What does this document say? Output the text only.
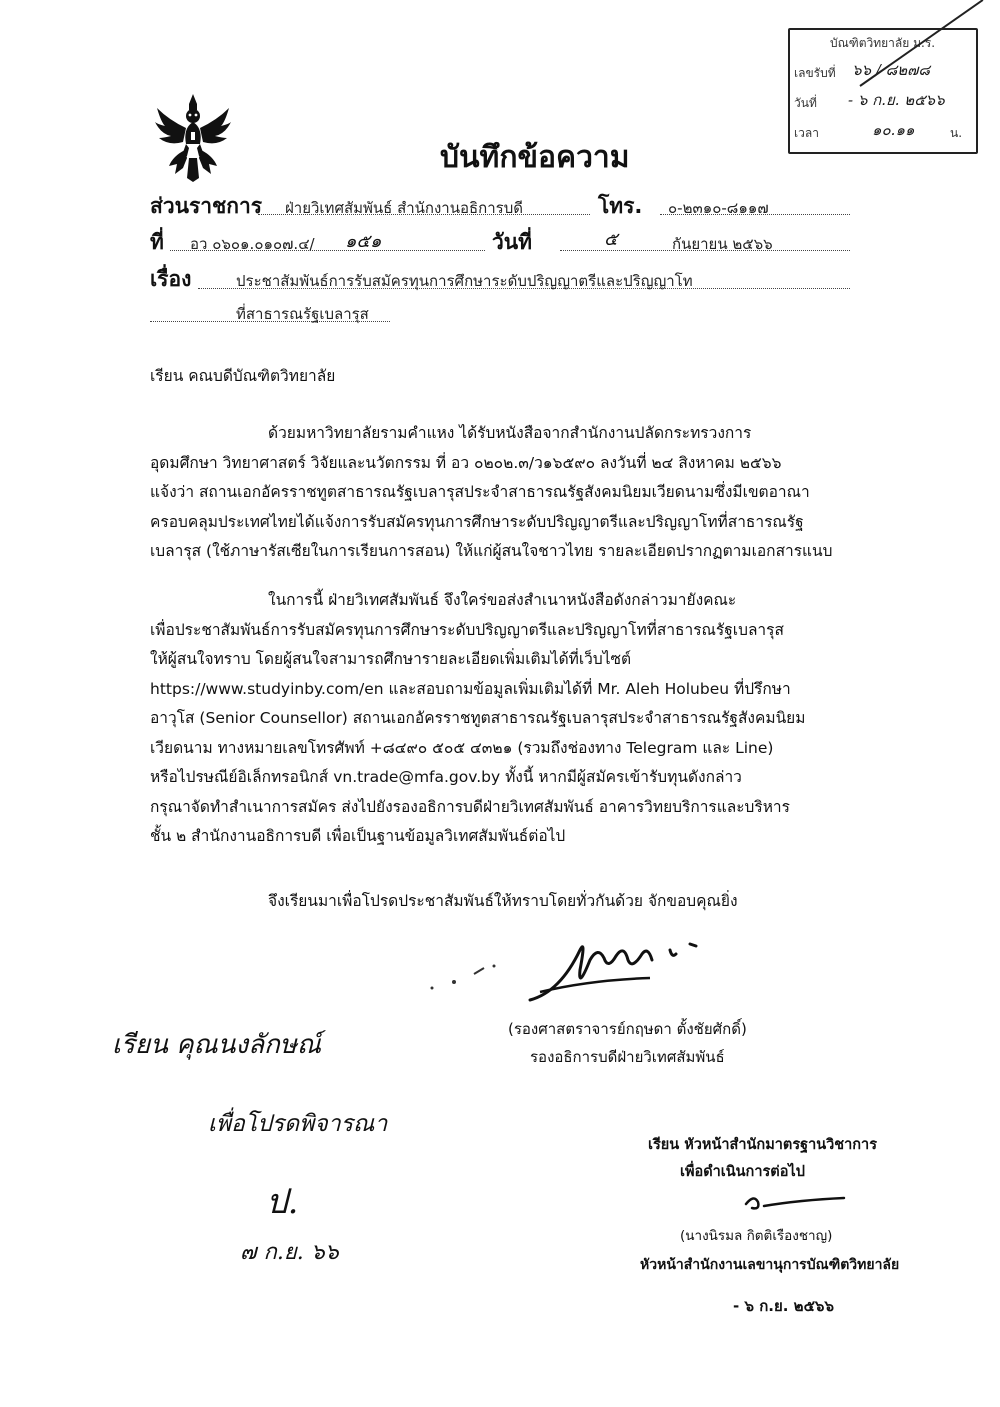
บัณฑิตวิทยาลัย ม.ร.
เลขรับที่ ๖๖ / ๘๒๗๘
วันที่ - ๖ ก.ย. ๒๕๖๖
เวลา	๑๐.๑๑	น.
บันทึกข้อความ
ส่วนราชการ ฝ่ายวิเทศสัมพันธ์ สำนักงานอธิการบดี	โทร. ๐-๒๓๑๐-๘๑๑๗
ที่ อว ๐๖๐๑.๐๑๐๗.๔/ ๑๕๑	วันที่	๕	กันยายน ๒๕๖๖
เรื่อง	ประชาสัมพันธ์การรับสมัครทุนการศึกษาระดับปริญญาตรีและปริญญาโท
ที่สาธารณรัฐเบลารุส
เรียน คณบดีบัณฑิตวิทยาลัย
ด้วยมหาวิทยาลัยรามคำแหง ได้รับหนังสือจากสำนักงานปลัดกระทรวงการ
อุดมศึกษา วิทยาศาสตร์ วิจัยและนวัตกรรม ที่ อว ๐๒๐๒.๓/ว๑๖๕๙๐ ลงวันที่ ๒๔ สิงหาคม ๒๕๖๖
แจ้งว่า สถานเอกอัครราชทูตสาธารณรัฐเบลารุสประจำสาธารณรัฐสังคมนิยมเวียดนามซึ่งมีเขตอาณา
ครอบคลุมประเทศไทยได้แจ้งการรับสมัครทุนการศึกษาระดับปริญญาตรีและปริญญาโทที่สาธารณรัฐ
เบลารุส (ใช้ภาษารัสเซียในการเรียนการสอน) ให้แก่ผู้สนใจชาวไทย รายละเอียดปรากฏตามเอกสารแนบ
ในการนี้ ฝ่ายวิเทศสัมพันธ์ จึงใคร่ขอส่งสำเนาหนังสือดังกล่าวมายังคณะ
เพื่อประชาสัมพันธ์การรับสมัครทุนการศึกษาระดับปริญญาตรีและปริญญาโทที่สาธารณรัฐเบลารุส
ให้ผู้สนใจทราบ โดยผู้สนใจสามารถศึกษารายละเอียดเพิ่มเติมได้ที่เว็บไซต์
https://www.studyinby.com/en และสอบถามข้อมูลเพิ่มเติมได้ที่ Mr. Aleh Holubeu ที่ปรึกษา
อาวุโส (Senior Counsellor) สถานเอกอัครราชทูตสาธารณรัฐเบลารุสประจำสาธารณรัฐสังคมนิยม
เวียดนาม ทางหมายเลขโทรศัพท์ +๘๔๙๐ ๕๐๕ ๔๓๒๑ (รวมถึงช่องทาง Telegram และ Line)
หรือไปรษณีย์อิเล็กทรอนิกส์ vn.trade@mfa.gov.by ทั้งนี้ หากมีผู้สมัครเข้ารับทุนดังกล่าว
กรุณาจัดทำสำเนาการสมัคร ส่งไปยังรองอธิการบดีฝ่ายวิเทศสัมพันธ์ อาคารวิทยบริการและบริหาร
ชั้น ๒ สำนักงานอธิการบดี เพื่อเป็นฐานข้อมูลวิเทศสัมพันธ์ต่อไป
จึงเรียนมาเพื่อโปรดประชาสัมพันธ์ให้ทราบโดยทั่วกันด้วย จักขอบคุณยิ่ง
(รองศาสตราจารย์กฤษดา ตั้งชัยศักดิ์)
รองอธิการบดีฝ่ายวิเทศสัมพันธ์
เรียน หัวหน้าสำนักมาตรฐานวิชาการ
เพื่อดำเนินการต่อไป
(นางนิรมล กิตติเรืองชาญ)
หัวหน้าสำนักงานเลขานุการบัณฑิตวิทยาลัย
- ๖ ก.ย. ๒๕๖๖
เรียน คุณนงลักษณ์
เพื่อโปรดพิจารณา
ป.
๗ ก.ย. ๖๖
